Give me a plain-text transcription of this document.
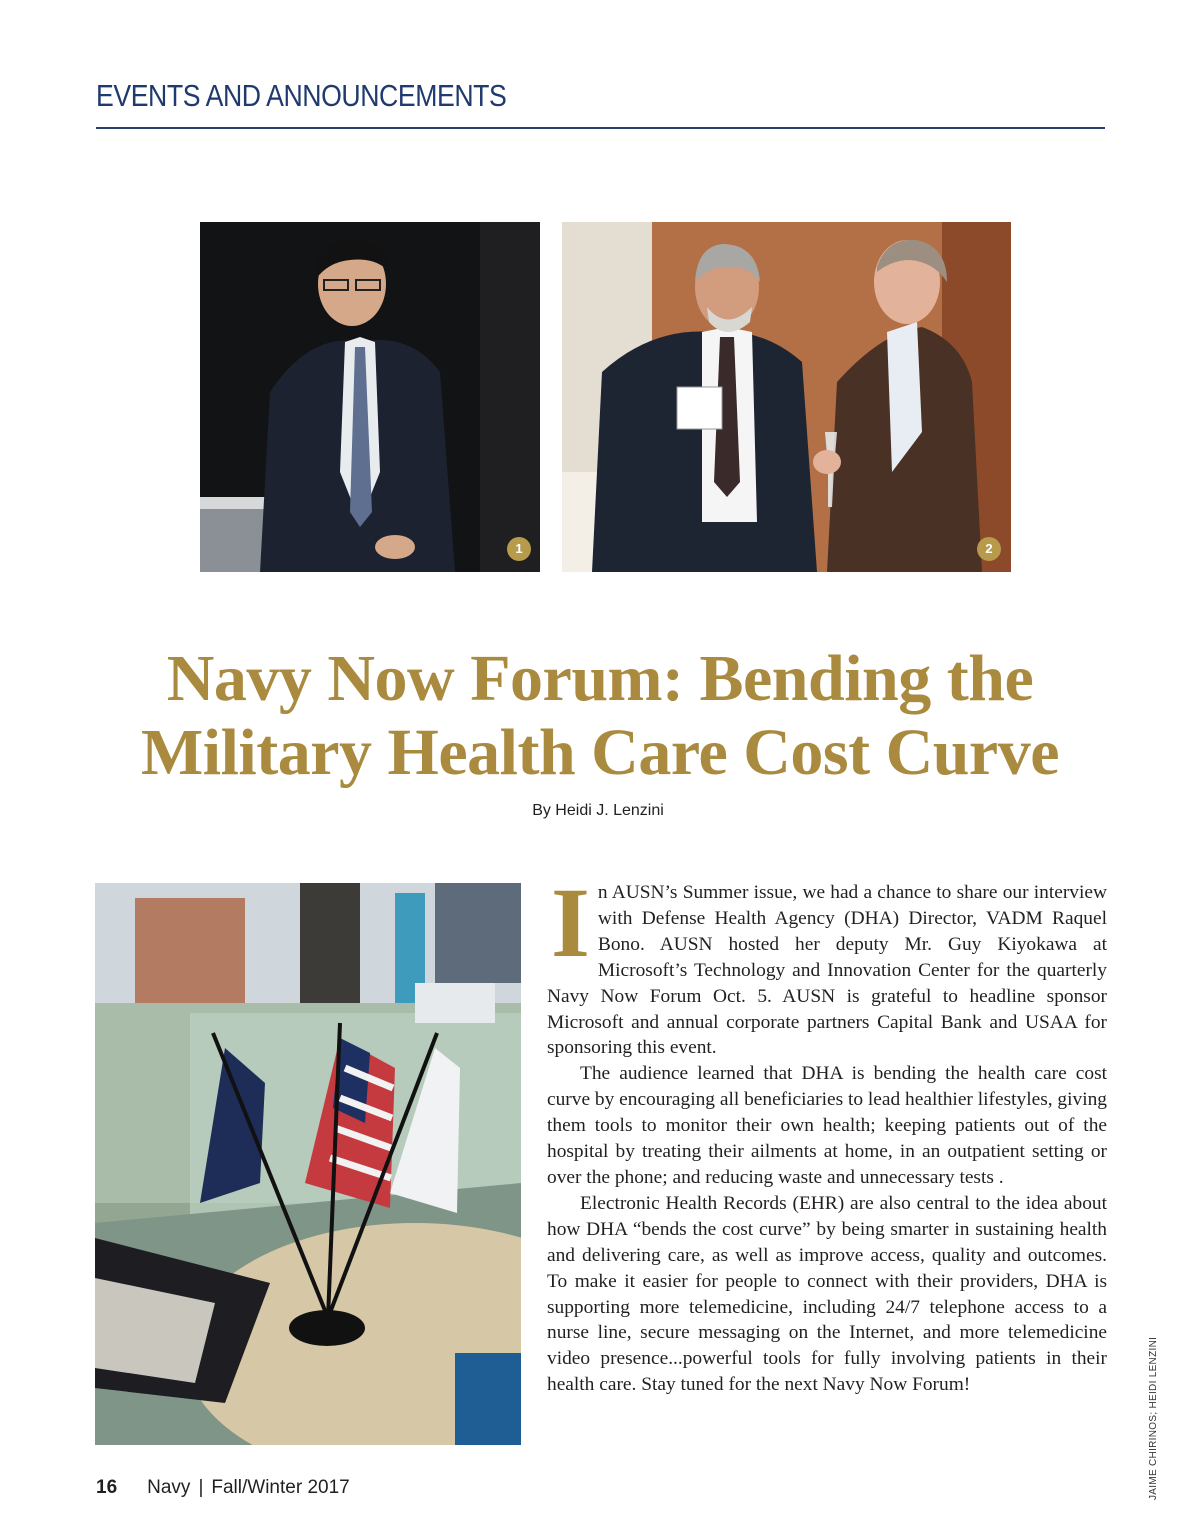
EVENTS AND ANNOUNCEMENTS
1	2
Navy Now Forum: Bending the Military Health Care Cost Curve
By Heidi J. Lenzini

In AUSN’s Summer issue, we had a chance to share our interview with Defense Health Agency (DHA) Director, VADM Raquel Bono. AUSN hosted her deputy Mr. Guy Kiyokawa at Microsoft’s Technology and Innovation Center for the quarterly Navy Now Forum Oct. 5. AUSN is grateful to headline sponsor Microsoft and annual corporate partners Capital Bank and USAA for sponsoring this event.

The audience learned that DHA is bending the health care cost curve by encouraging all beneficiaries to lead healthier lifestyles, giving them tools to monitor their own health; keeping patients out of the hospital by treating their ailments at home, in an outpatient setting or over the phone; and reducing waste and unnecessary tests .

Electronic Health Records (EHR) are also central to the idea about how DHA “bends the cost curve” by being smarter in sustaining health and delivering care, as well as improve access, quality and outcomes. To make it easier for people to connect with their providers, DHA is supporting more telemedicine, including 24/7 telephone access to a nurse line, secure messaging on the Internet, and more telemedicine video presence...powerful tools for fully involving patients in their health care. Stay tuned for the next Navy Now Forum!	JAIME CHIRINOS; HEIDI LENZINI
16 Navy | Fall/Winter 2017
